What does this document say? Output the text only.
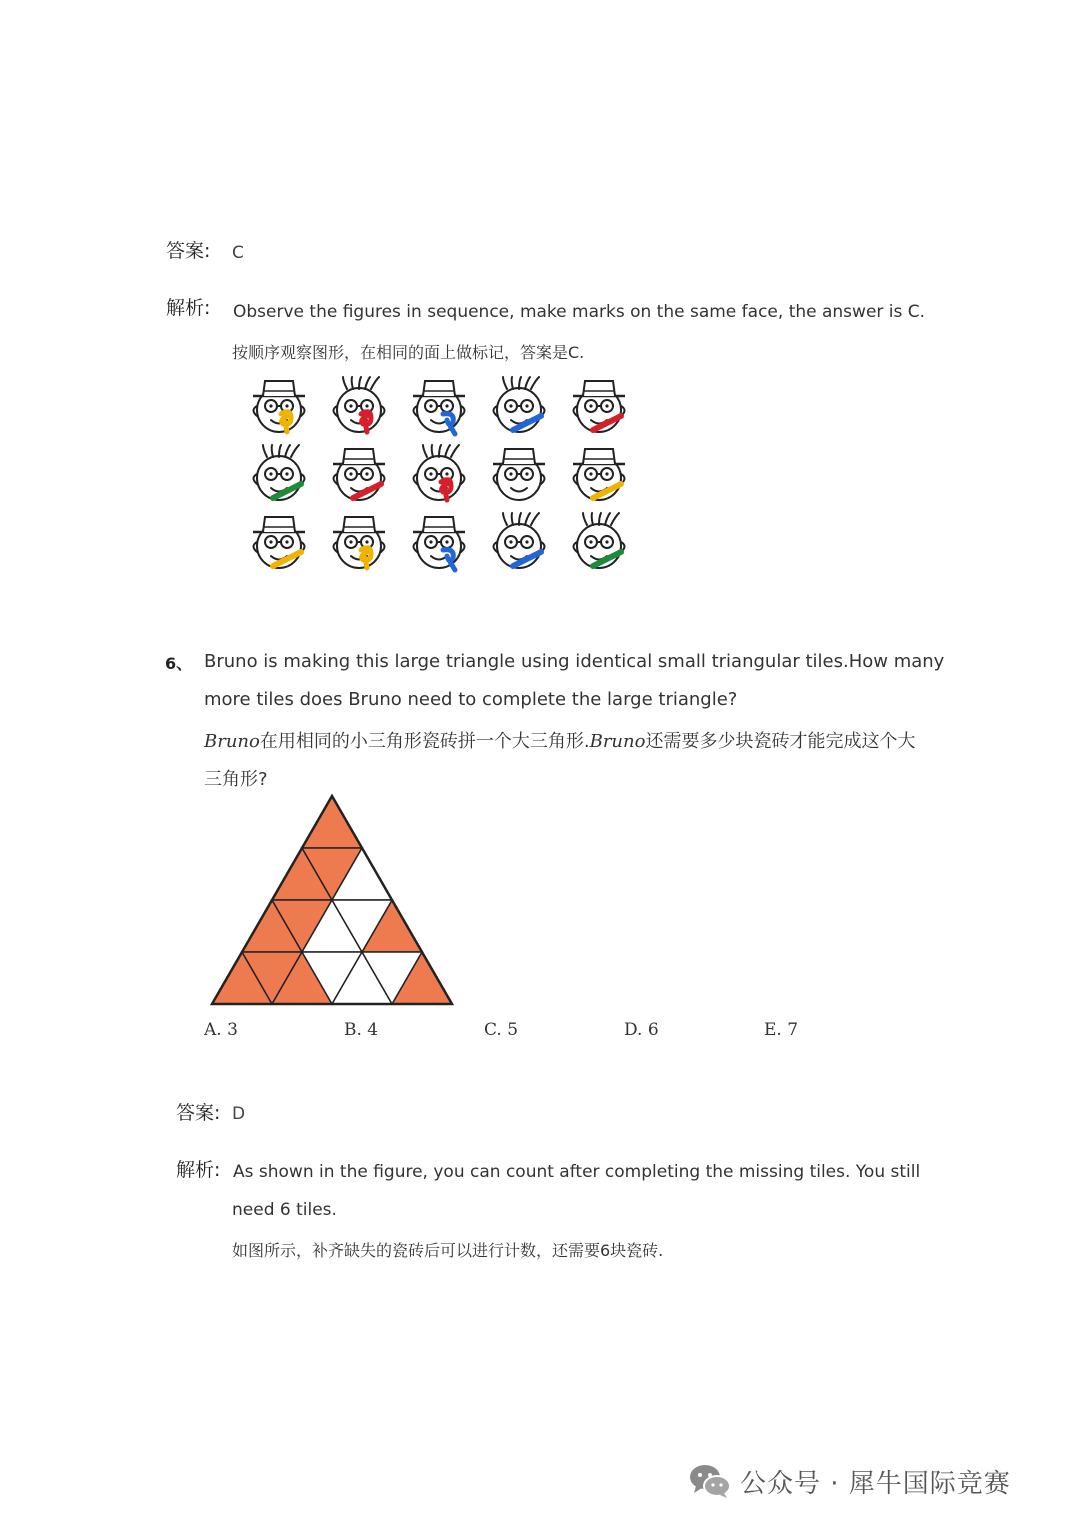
答案: C
解析: Observe the figures in sequence, make marks on the same face, the answer is C.
按顺序观察图形，在相同的面上做标记，答案是C.
6、 Bruno is making this large triangle using identical small triangular tiles.How many
more tiles does Bruno need to complete the large triangle?
Bruno在用相同的小三角形瓷砖拼一个大三角形.Bruno还需要多少块瓷砖才能完成这个大
三角形?
A. 3	B. 4	C. 5	D. 6	E. 7
答案: D
解析: As shown in the figure, you can count after completing the missing tiles. You still
need 6 tiles.
如图所示，补齐缺失的瓷砖后可以进行计数，还需要6块瓷砖.
公众号 · 犀牛国际竞赛
